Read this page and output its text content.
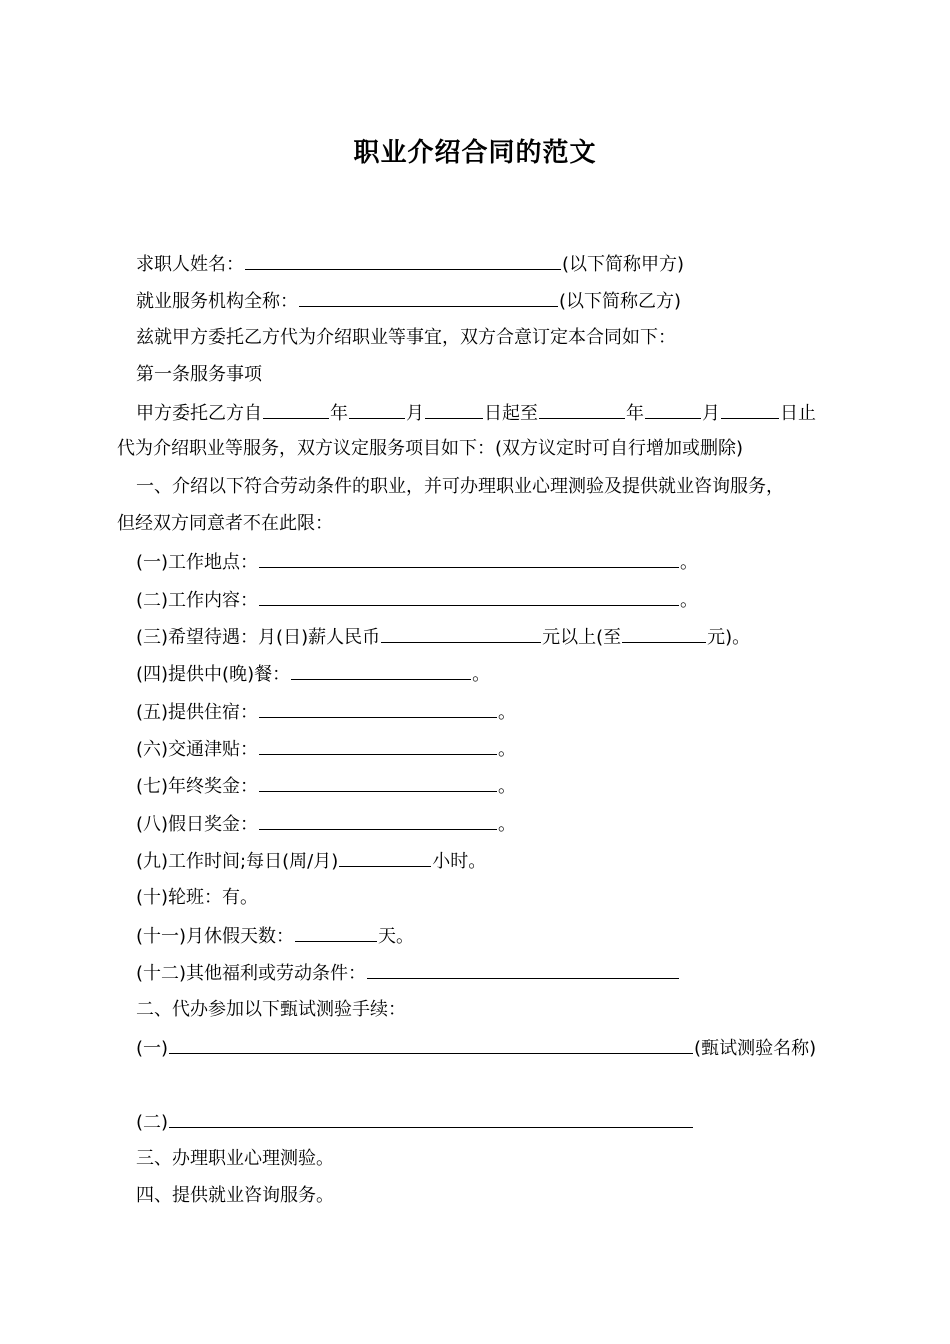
职业介绍合同的范文
求职人姓名：	(以下简称甲方)
就业服务机构全称：	(以下简称乙方)
兹就甲方委托乙方代为介绍职业等事宜，双方合意订定本合同如下：
第一条服务事项
甲方委托乙方自	年	月	日起至	年	月	日止
代为介绍职业等服务，双方议定服务项目如下：(双方议定时可自行增加或删除)
一、介绍以下符合劳动条件的职业，并可办理职业心理测验及提供就业咨询服务，
但经双方同意者不在此限：
(一)工作地点：	。
(二)工作内容：	。
(三)希望待遇：月(日)薪人民币	元以上(至	元)。
(四)提供中(晚)餐：	。
(五)提供住宿：	。
(六)交通津贴：	。
(七)年终奖金：	。
(八)假日奖金：	。
(九)工作时间;每日(周/月)	小时。
(十)轮班：有。
(十一)月休假天数：	天。
(十二)其他福利或劳动条件：
二、代办参加以下甄试测验手续：
(一)	(甄试测验名称)
(二)
三、办理职业心理测验。
四、提供就业咨询服务。
